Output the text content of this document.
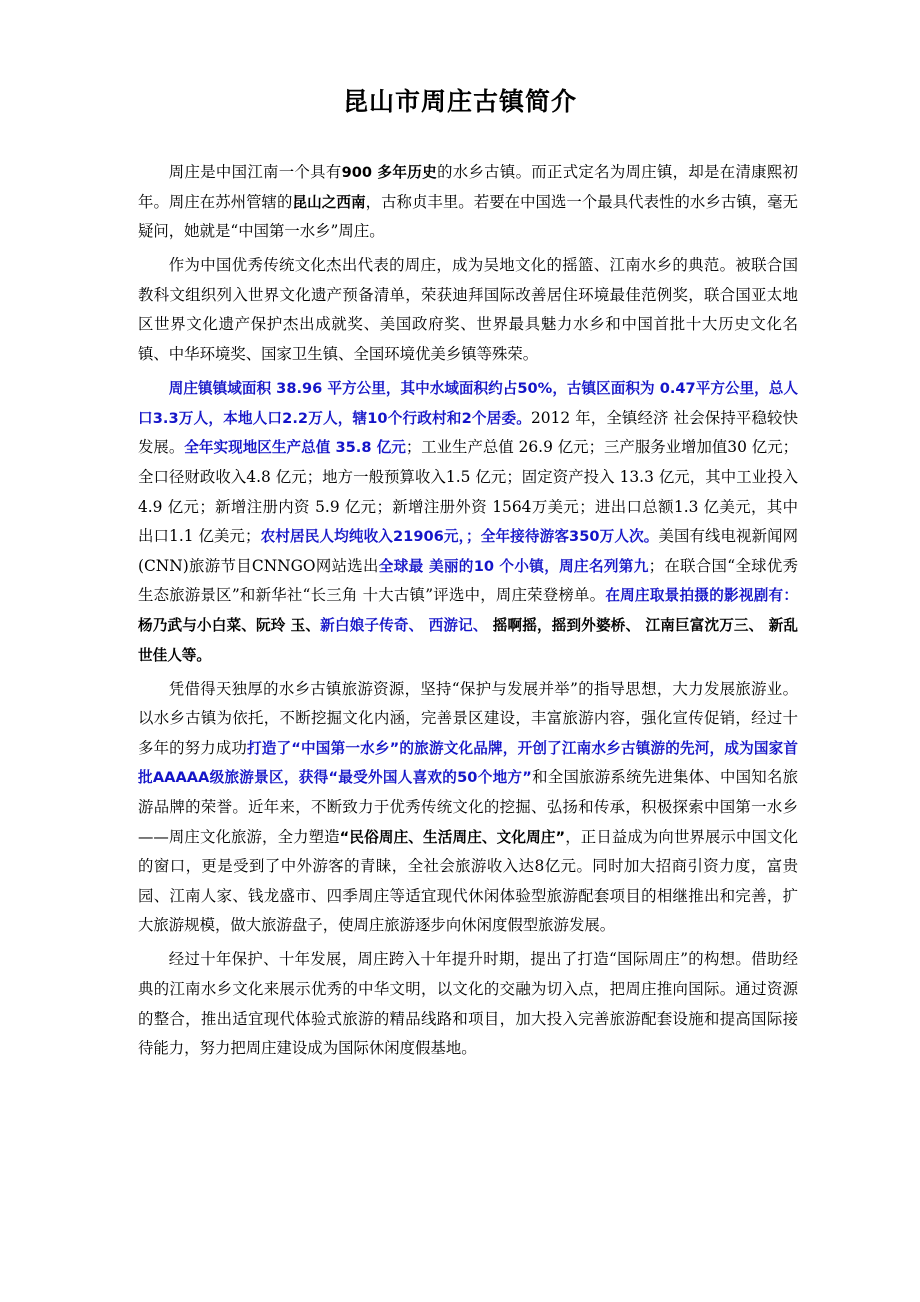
昆山市周庄古镇简介

周庄是中国江南一个具有900 多年历史的水乡古镇。而正式定名为周庄镇，却是在清康熙初年。周庄在苏州管辖的昆山之西南，古称贞丰里。若要在中国选一个最具代表性的水乡古镇，毫无疑问，她就是“中国第一水乡”周庄。

作为中国优秀传统文化杰出代表的周庄，成为吴地文化的摇篮、江南水乡的典范。被联合国教科文组织列入世界文化遗产预备清单，荣获迪拜国际改善居住环境最佳范例奖，联合国亚太地区世界文化遗产保护杰出成就奖、美国政府奖、世界最具魅力水乡和中国首批十大历史文化名镇、中华环境奖、国家卫生镇、全国环境优美乡镇等殊荣。

周庄镇镇域面积 38.96 平方公里，其中水域面积约占50%，古镇区面积为 0.47平方公里，总人口3.3万人，本地人口2.2万人，辖10个行政村和2个居委。2012 年，全镇经济 社会保持平稳较快发展。全年实现地区生产总值 35.8 亿元；工业生产总值 26.9 亿元；三产服务业增加值30 亿元；全口径财政收入4.8 亿元；地方一般预算收入1.5 亿元；固定资产投入 13.3 亿元，其中工业投入 4.9 亿元；新增注册内资 5.9 亿元；新增注册外资 1564万美元；进出口总额1.3 亿美元，其中出口1.1 亿美元；农村居民人均纯收入21906元，；全年接待游客350万人次。美国有线电视新闻网(CNN)旅游节目CNNGO网站选出全球最 美丽的10 个小镇，周庄名列第九；在联合国“全球优秀生态旅游景区”和新华社“长三角 十大古镇”评选中，周庄荣登榜单。在周庄取景拍摄的影视剧有：杨乃武与小白菜、阮玲 玉、新白娘子传奇、 西游记、 摇啊摇，摇到外婆桥、 江南巨富沈万三、 新乱世佳人等。

凭借得天独厚的水乡古镇旅游资源，坚持“保护与发展并举”的指导思想，大力发展旅游业。以水乡古镇为依托，不断挖掘文化内涵，完善景区建设，丰富旅游内容，强化宣传促销，经过十多年的努力成功打造了“中国第一水乡”的旅游文化品牌，开创了江南水乡古镇游的先河，成为国家首批AAAAA级旅游景区，获得“最受外国人喜欢的50个地方”和全国旅游系统先进集体、中国知名旅游品牌的荣誉。近年来，不断致力于优秀传统文化的挖掘、弘扬和传承，积极探索中国第一水乡——周庄文化旅游，全力塑造“民俗周庄、生活周庄、文化周庄”，正日益成为向世界展示中国文化的窗口，更是受到了中外游客的青睐，全社会旅游收入达8亿元。同时加大招商引资力度，富贵园、江南人家、钱龙盛市、四季周庄等适宜现代休闲体验型旅游配套项目的相继推出和完善，扩大旅游规模，做大旅游盘子，使周庄旅游逐步向休闲度假型旅游发展。

经过十年保护、十年发展，周庄跨入十年提升时期，提出了打造“国际周庄”的构想。借助经典的江南水乡文化来展示优秀的中华文明，以文化的交融为切入点，把周庄推向国际。通过资源的整合，推出适宜现代体验式旅游的精品线路和项目，加大投入完善旅游配套设施和提高国际接待能力，努力把周庄建设成为国际休闲度假基地。
